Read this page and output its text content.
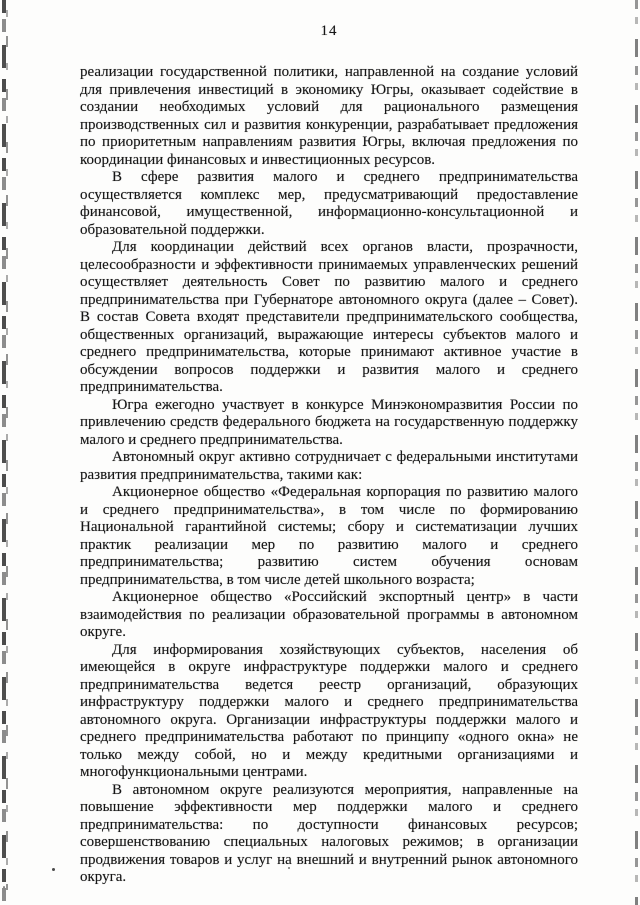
14

реализации государственной политики, направленной на создание условий для привлечения инвестиций в экономику Югры, оказывает содействие в создании необходимых условий для рационального размещения производственных сил и развития конкуренции, разрабатывает предложения по приоритетным направлениям развития Югры, включая предложения по координации финансовых и инвестиционных ресурсов.

В сфере развития малого и среднего предпринимательства осуществляется комплекс мер, предусматривающий предоставление финансовой, имущественной, информационно-консультационной и образовательной поддержки.

Для координации действий всех органов власти, прозрачности, целесообразности и эффективности принимаемых управленческих решений осуществляет деятельность Совет по развитию малого и среднего предпринимательства при Губернаторе автономного округа (далее – Совет). В состав Совета входят представители предпринимательского сообщества, общественных организаций, выражающие интересы субъектов малого и среднего предпринимательства, которые принимают активное участие в обсуждении вопросов поддержки и развития малого и среднего предпринимательства.

Югра ежегодно участвует в конкурсе Минэкономразвития России по привлечению средств федерального бюджета на государственную поддержку малого и среднего предпринимательства.

Автономный округ активно сотрудничает с федеральными институтами развития предпринимательства, такими как:

Акционерное общество «Федеральная корпорация по развитию малого и среднего предпринимательства», в том числе по формированию Национальной гарантийной системы; сбору и систематизации лучших практик реализации мер по развитию малого и среднего предпринимательства; развитию систем обучения основам предпринимательства, в том числе детей школьного возраста;

Акционерное общество «Российский экспортный центр» в части взаимодействия по реализации образовательной программы в автономном округе.

Для информирования хозяйствующих субъектов, населения об имеющейся в округе инфраструктуре поддержки малого и среднего предпринимательства ведется реестр организаций, образующих инфраструктуру поддержки малого и среднего предпринимательства автономного округа. Организации инфраструктуры поддержки малого и среднего предпринимательства работают по принципу «одного окна» не только между собой, но и между кредитными организациями и многофункциональными центрами.

В автономном округе реализуются мероприятия, направленные на повышение эффективности мер поддержки малого и среднего предпринимательства: по доступности финансовых ресурсов; совершенствованию специальных налоговых режимов; в организации продвижения товаров и услуг на внешний и внутренний рынок автономного округа.
